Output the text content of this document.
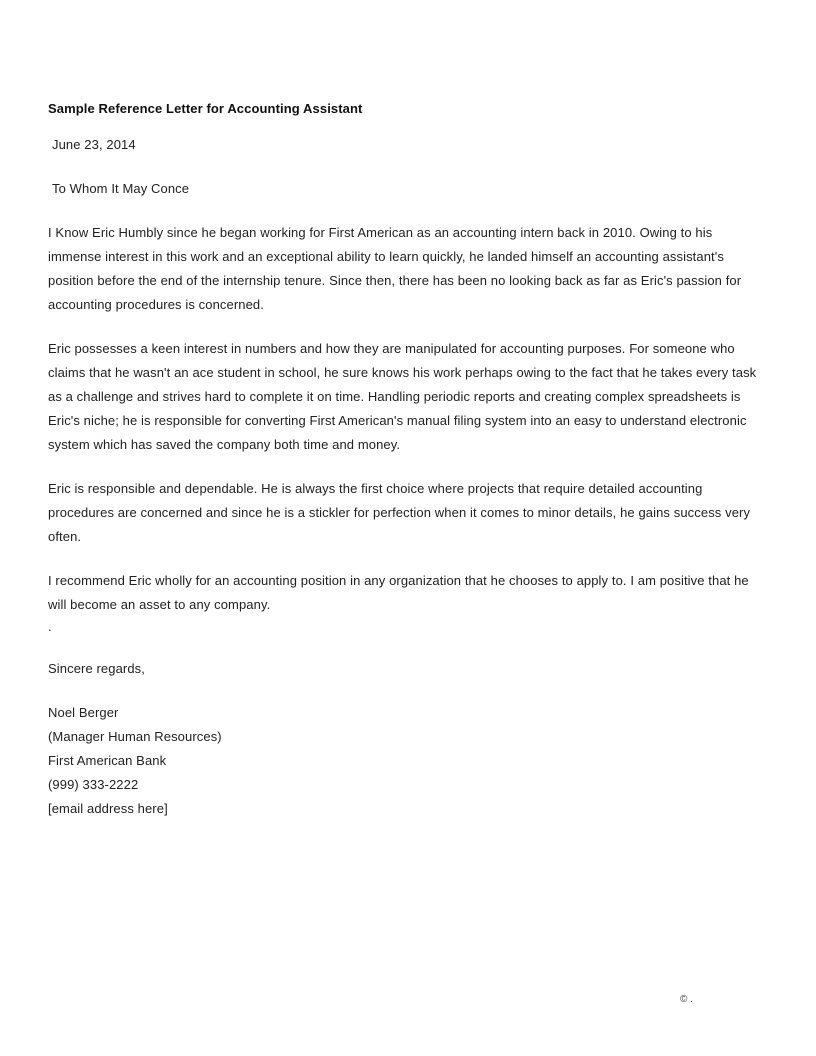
Sample Reference Letter for Accounting Assistant
June 23, 2014
To Whom It May Conce

I Know Eric Humbly since he began working for First American as an accounting intern back in 2010. Owing to his immense interest in this work and an exceptional ability to learn quickly, he landed himself an accounting assistant's position before the end of the internship tenure. Since then, there has been no looking back as far as Eric's passion for accounting procedures is concerned.

Eric possesses a keen interest in numbers and how they are manipulated for accounting purposes. For someone who claims that he wasn't an ace student in school, he sure knows his work perhaps owing to the fact that he takes every task as a challenge and strives hard to complete it on time. Handling periodic reports and creating complex spreadsheets is Eric's niche; he is responsible for converting First American's manual filing system into an easy to understand electronic system which has saved the company both time and money.

Eric is responsible and dependable. He is always the first choice where projects that require detailed accounting procedures are concerned and since he is a stickler for perfection when it comes to minor details, he gains success very often.

I recommend Eric wholly for an accounting position in any organization that he chooses to apply to. I am positive that he will become an asset to any company.

.
Sincere regards,
Noel Berger
(Manager Human Resources)
First American Bank
(999) 333-2222
[email address here]
© .
